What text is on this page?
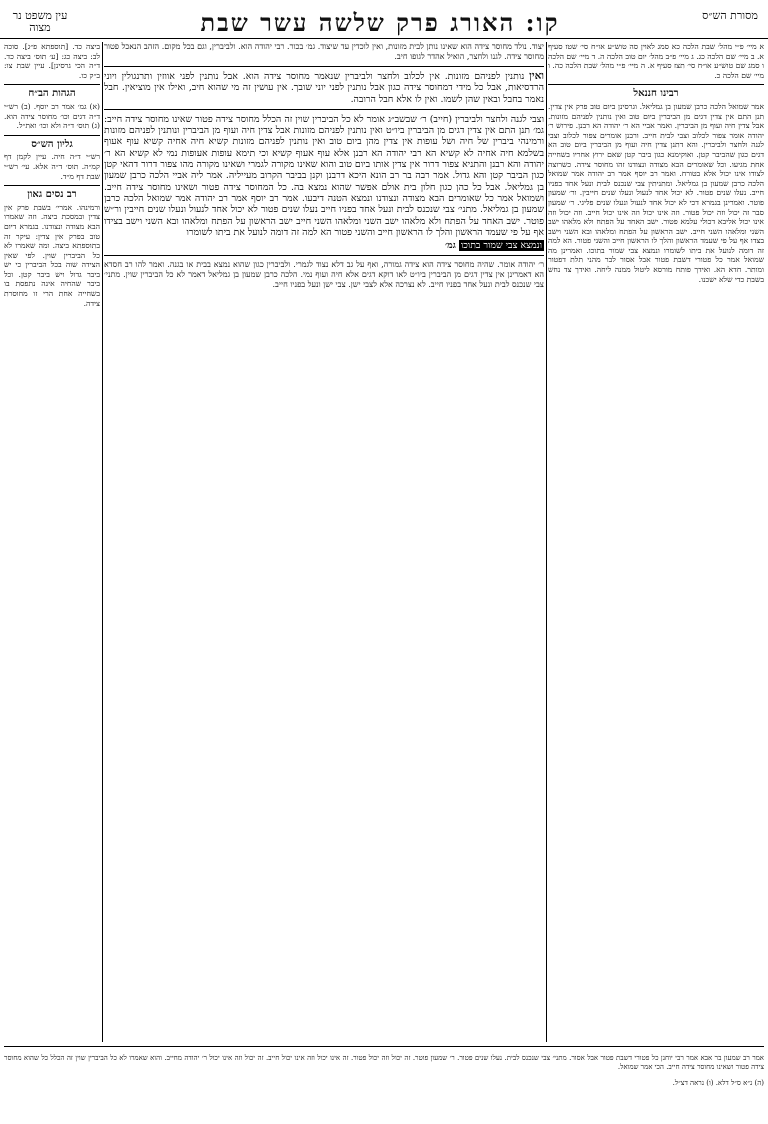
עין משפט נר מצוה	קו: האורג פרק שלשה עשר שבת	מסורת הש״ס

א מיי׳ פ״י מהל׳ שבת הלכה כא סמג לאוין סה טוש״ע או״ח סי׳ שטז סעיף א. ב מיי׳ שם הלכה כג. ג מיי׳ פ״ב מהל׳ יום טוב הלכה ה. ד מיי׳ שם הלכה ו סמג שם טוש״ע או״ח סי׳ תצז סעיף א. ה מיי׳ פ״י מהל׳ שבת הלכה כה. ו מיי׳ שם הלכה כ.

רבינו חננאל

אמר שמואל הלכה כרבן שמעון בן גמליאל. וגרסינן ביום טוב פרק אין צדין. תנן התם אין צדין דגים מן הביברין ביום טוב ואין נותנין לפניהם מזונות. אבל צדין חיה ועוף מן הביברין. ואמר אביי הא ר׳ יהודה הא רבנן. פירוש ר׳ יהודה אומר צפור לכלוב וצבי לבית חייב. ורבנן אומרים צפור לכלוב וצבי לגנה ולחצר ולביברין. והא דתנן צדין חיה ועוף מן הביברין ביום טוב הא דגים כגון שהביבר קטן. ואוקימנא כגון ביבר קטן שאם ירוץ אחריו בשחייה אחת מגיעו. וכל שאומרים הבא מצודה ונצודנו זהו מחוסר צידה. כשרוצה לצודו אינו יכול אלא בטורח. ואמר רב יוסף אמר רב יהודה אמר שמואל הלכה כרבן שמעון בן גמליאל. ומתניתין צבי שנכנס לבית ונעל אחד בפניו חייב. נעלו שנים פטור. לא יכול אחד לנעול ונעלו שנים חייבין. ור׳ שמעון פוטר. ואמרינן בגמרא דכי לא יכול אחד לנעול ונעלו שנים פליגי. ר׳ שמעון סבר זה יכול וזה יכול פטור. וזה אינו יכול וזה אינו יכול חייב. וזה יכול וזה אינו יכול אליבא דכולי עלמא פטור. ישב האחד על הפתח ולא מלאהו ישב השני ומלאהו השני חייב. ישב הראשון על הפתח ומלאהו ובא השני וישב בצדו אף על פי שעמד הראשון והלך לו הראשון חייב והשני פטור. הא למה זה דומה לנועל את ביתו לשומרו ונמצא צבי שמור בתוכו. ואמרינן מה שמואל אמר כל פטורי דשבת פטור אבל אסור לבר מהני תלת דפטור ומותר. חדא הא. ואידך פותח מורסא ליטול ממנה ליחה. ואידך צד נחש בשבת כדי שלא ישכנו.

יצוד. נולד מחוסר צידה הוא שאינו נותן לבית מזונות, ואין לוכדין עד שיצוד. גמ׳ בכור. רבי יהודה הוא. ולביברין, וגם בכל מקום. הזהב הנאכל פטור מחוסר צידה. לגנו ולחצר, הואיל אהדר לגופו חיב.

ואין נותנין לפניהם מזונות. אין לכלוב ולחצר ולביברין שנאמר מחוסר צידה הוא. אבל נותנין לפני אווזין ותרנגולין ויוני הרדסיאות, אבל כל מידי דמחוסר צידה כגון אבל נותנין לפני יוני שובך. אין עושין זה מי שהוא חיב, ואילו אין מוציאין. חבל נאמר בחבל ובאין שהן לשמו. ואין לו אלא חבל הרובה.

וצבי לגנה ולחצר ולביברין (חייב) ר׳ שבשב״ג אומר לא כל הביברין שוין זה הכלל מחוסר צידה פטור שאינו מחוסר צידה חייב: גמ׳ תנן התם אין צדין דגים מן הביברין ביו״ט ואין נותנין לפניהם מזונות אבל צדין חיה ועוף מן הביברין ונותנין לפניהם מזונות ורמינהי ביברין של חיה ושל עופות אין צדין מהן ביום טוב ואין נותנין לפניהם מזונות קשיא חיה אחיה קשיא עוף אעוף בשלמא חיה אחיה לא קשיא הא רבי יהודה הא רבנן אלא עוף אעוף קשיא וכי תימא עופות אעופות נמי לא קשיא הא ר׳ יהודה והא רבנן והתניא צפור דרור אין צדין אותו ביום טוב והוא שאינו מקורה לגמרי ושאינו מקורה מהו צפור דרור דהאי קטן כגון הביבר קטן והא גדול. אמר רבה בר רב הונא היכא דרבנן וקנן בביבר הקרוב מעייליה. אמר ליה אביי הלכה כרבן שמעון בן גמליאל. אבל כל כהן כגון חלון בית אולם אפשר שהוא נמצא בה. כל המחוסר צידה פטור ושאינו מחוסר צידה חייב. ושמואל אמר כל שאומרים הבא מצודה ונצודנו ונמצא הטנה דיבעו. אמר רב יוסף אמר רב יהודה אמר שמואל הלכה כרבן שמעון בן גמליאל. מתני׳ צבי שנכנס לבית ונעל אחד בפניו חייב נעלו שנים פטור לא יכול אחד לנעול ונעלו שנים חייבין ור״ש פוטר. ישב האחד על הפתח ולא מלאהו ישב השני ומלאהו השני חייב ישב הראשון על הפתח ומלאהו ובא השני וישב בצידו אף על פי שעמד הראשון והלך לו הראשון חייב והשני פטור הא למה זה דומה לנועל את ביתו לשומרו

ונמצא צבי שמור בתוכו גמ׳

ר׳ יהודה אומר. שהיה מחוסר צידה הוא צידה גמורה, ואף על גב דלא נצוד לגמרי. ולביברין כגון שהוא נמצא בבית או בגנה. ואמר להו רב חסדא הא דאמרינן אין צדין דגים מן הביברין ביו״ט לאו דוקא דגים אלא חיה ועוף נמי. הלכה כרבן שמעון בן גמליאל דאמר לא כל הביברין שוין. מתני׳ צבי שנכנס לבית ונעל אחד בפניו חייב. לא נצרכה אלא לצבי ישן. צבי ישן ונעל בפניו חייב.

ביצה כד. [תוספתא פ״ג]. סוכה לב: ביצה כג: [ע׳ תוס׳ ביצה כד. ד״ה הכי גרסינן]. עיין שבת צו: ב״ק כו.

הגהות הב״ח

(א) גמ׳ אמר רב יוסף. (ב) רש״י ד״ה דגים וכו׳ מחוסר צידה הוא. (ג) תוס׳ ד״ה ולא וכו׳ ואת״ל.

גליון הש״ס

רש״י ד״ה חיה. עיין לקמן דף קמ״ה. תוס׳ ד״ה אלא. עי׳ רש״י שבת דף מ״ד.

רב נסים גאון

ורמינהו. אמרי׳ בשבת פרק אין צדין ובמסכת ביצה. וזה שאמרו הבא מצודה ונצודנו. בגמרא דיום טוב בפרק אין צדין: עיקר זה בתוספתא ביצה. ומה שאמרו לא כל הביברין שוין. לפי שאין הצידה שוה בכל הביברין כי יש ביבר גדול ויש ביבר קטן. וכל ביבר שהחיה אינה נתפסת בו בשחייה אחת הרי זו מחוסרת צידה.

אמר רב שמעון בר אבא אמר רבי יוחנן כל פטורי דשבת פטור אבל אסור. מתני׳ צבי שנכנס לבית. נעלו שנים פטור. ר׳ שמעון פוטר. זה יכול וזה יכול פטור. זה אינו יכול וזה אינו יכול חייב. זה יכול וזה אינו יכול ר׳ יהודה מחייב. והוא שאמרו לא כל הביברין שוין זה הכלל כל שהוא מחוסר צידה פטור ושאינו מחוסר צידה חייב. הכי אמר שמואל.

(ה) נ״א ס״ל דלא. (ו) נראה דצ״ל.
